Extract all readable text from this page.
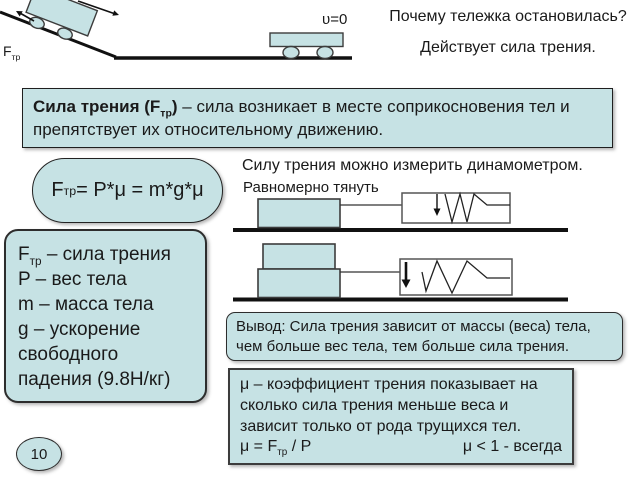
$F_{тр}$
υ=0	Почему тележка остановилась?
Действует сила трения.
Сила трения $(F_{тр})$ – сила возникает в месте соприкосновения тел и
препятствует их относительному движению.
F тр = P*μ = m*g*μ
Силу трения можно измерить динамометром.
Равномерно тянуть
$F_{тр}$ – сила трения
P – вес тела
m – масса тела
g – ускорение
свободного
падения (9.8Н/кг)
Вывод: Сила трения зависит от массы (веса) тела,
чем больше вес тела, тем больше сила трения.
μ – коэффициент трения показывает на
сколько сила трения меньше веса и
зависит только от рода трущихся тел.
$\mu = F_{тр} / P$	μ < 1 - всегда
10
